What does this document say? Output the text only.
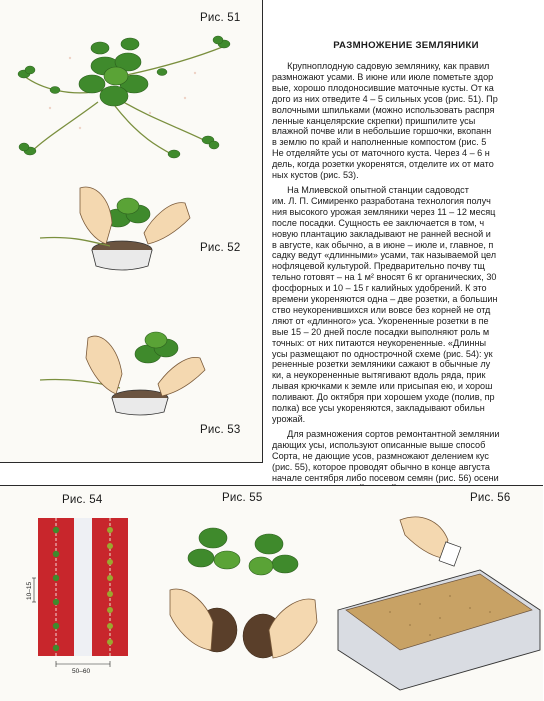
Рис. 51
Рис. 52
Рис. 53
РАЗМНОЖЕНИЕ ЗЕМЛЯНИКИ

Крупноплодную садовую землянику, как правил
размножают усами. В июне или июле пометьте здор
вые, хорошо плодоносившие маточные кусты. От ка
дого из них отведите 4 – 5 сильных усов (рис. 51). Пр
волочными шпильками (можно использовать распря
ленные канцелярские скрепки) пришпилите усы
влажной почве или в небольшие горшочки, вкопанн
в землю по край и наполненные компостом (рис. 5
Не отделяйте усы от маточного куста. Через 4 – 6 н
дель, когда розетки укоренятся, отделите их от мато
ных кустов (рис. 53).

На Млиевской опытной станции садоводст
им. Л. П. Симиренко разработана технология получ
ния высокого урожая земляники через 11 – 12 месяц
после посадки. Сущность ее заключается в том, ч
новую плантацию закладывают не ранней весной и
в августе, как обычно, а в июне – июле и, главное, п
садку ведут «длинными» усами, так называемой цел
нофляцевой культурой. Предварительно почву тщ
тельно готовят – на 1 м² вносят 6 кг органических, 30
фосфорных и 10 – 15 г калийных удобрений. К это
времени укореняются одна – две розетки, а большин
ство неукоренившихся или вовсе без корней не отд
ляют от «длинного» уса. Укорененные розетки в пе
вые 15 – 20 дней после посадки выполняют роль м
точных: от них питаются неукорененные. «Длинны
усы размещают по однострочной схеме (рис. 54): ук
рененные розетки земляники сажают в обычные лу
ки, а неукорененные вытягивают вдоль ряда, прик
лывая крючками к земле или присыпая ею, и хорош
поливают. До октября при хорошем уходе (полив, пр
полка) все усы укореняются, закладывают обильн
урожай.

Для размножения сортов ремонтантной землянии
дающих усы, используют описанные выше способ
Сорта, не дающие усов, размножают делением кус
(рис. 55), которое проводят обычно в конце августа
начале сентября либо посевом семян (рис. 56) осени

Рис. 54	Рис. 55	Рис. 56
10–15
50–60
